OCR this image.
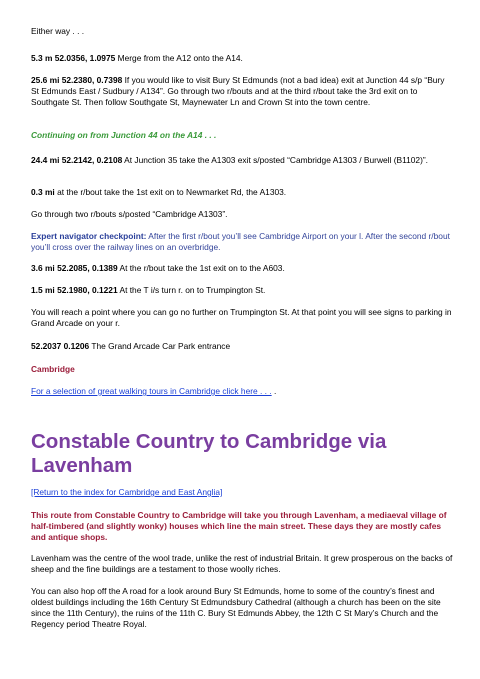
Either way . . .

5.3 m 52.0356, 1.0975 Merge from the A12 onto the A14.

25.6 mi 52.2380, 0.7398 If you would like to visit Bury St Edmunds (not a bad idea) exit at Junction 44 s/p “Bury St Edmunds East / Sudbury / A134”. Go through two r/bouts and at the third r/bout take the 3rd exit on to Southgate St. Then follow Southgate St, Maynewater Ln and Crown St into the town centre.

Continuing on from Junction 44 on the A14 . . .

24.4 mi 52.2142, 0.2108 At Junction 35 take the A1303 exit s/posted “Cambridge A1303 / Burwell (B1102)”.

0.3 mi at the r/bout take the 1st exit on to Newmarket Rd, the A1303.

Go through two r/bouts s/posted “Cambridge A1303”.

Expert navigator checkpoint: After the first r/bout you’ll see Cambridge Airport on your l. After the second r/bout you’ll cross over the railway lines on an overbridge.

3.6 mi 52.2085, 0.1389 At the r/bout take the 1st exit on to the A603.

1.5 mi 52.1980, 0.1221 At the T i/s turn r. on to Trumpington St.

You will reach a point where you can go no further on Trumpington St. At that point you will see signs to parking in Grand Arcade on your r.

52.2037 0.1206 The Grand Arcade Car Park entrance

Cambridge

For a selection of great walking tours in Cambridge click here . . . .

Constable Country to Cambridge via Lavenham

[Return to the index for Cambridge and East Anglia]

This route from Constable Country to Cambridge will take you through Lavenham, a mediaeval village of half-timbered (and slightly wonky) houses which line the main street. These days they are mostly cafes and antique shops.

Lavenham was the centre of the wool trade, unlike the rest of industrial Britain. It grew prosperous on the backs of sheep and the fine buildings are a testament to those woolly riches.

You can also hop off the A road for a look around Bury St Edmunds, home to some of the country’s finest and oldest buildings including the 16th Century St Edmundsbury Cathedral (although a church has been on the site since the 11th Century), the ruins of the 11th C. Bury St Edmunds Abbey, the 12th C St Mary’s Church and the Regency period Theatre Royal.
